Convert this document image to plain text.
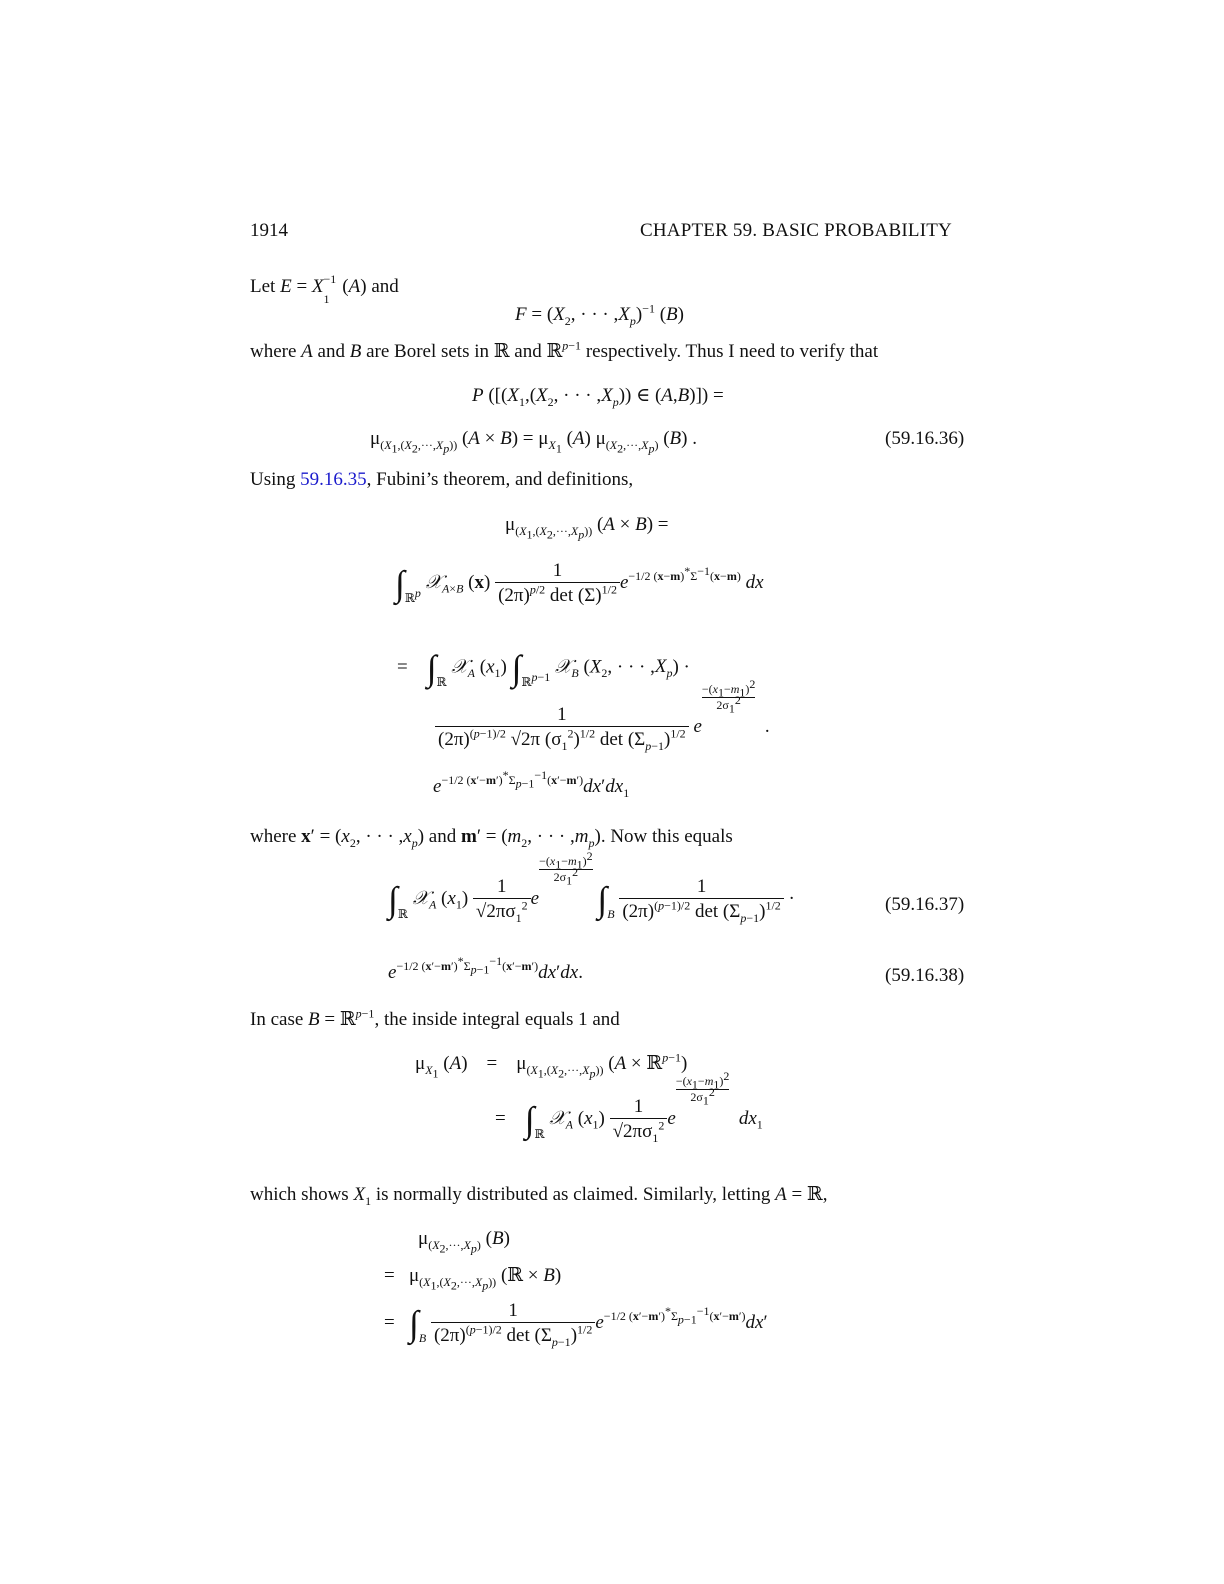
1914	CHAPTER 59. BASIC PROBABILITY
Let $E = X_1^{-1}$ (A) and
$F = (X_2$, · · · $,X_p)^{-1}$ (B)
where A and B are Borel sets in ℝ and ℝ$^{p-1}$ respectively. Thus I need to verify that
P ([($X_1,(X_2$, · · · $,X_p$)) ∈ (A,B)]) =
$\mu_{(X_1,(X_2,\cdot\cdot\cdot,X_p))}$ $(A \times B) = \mu_{X_1}$ (A) $\mu_{(X_2,\cdot\cdot\cdot,X_p)}$ (B) .	(59.16.36)
Using 59.16.35, Fubini’s theorem, and definitions,
$\mu_{(X_1,(X_2,\cdot\cdot\cdot,X_p))}$ (A × B) =
$\int_{ℝ^p}$ 𝒳$_{A\times B}$ $(x) \frac{1}{(2\pi)^{p/2} \det (\Sigma)^{1/2}} e^{-1/2 (x-m)^*\Sigma^{-1}(x-m)}$ dx
=    $\int_ℝ$ 𝒳$_A$ $(x_1)$ $\int_{ℝ^{p-1}}$ 𝒳$_B$ ($X_2$, · · · $,X_p$) ·
$\frac{1}{(2\pi)^{(p-1)/2} √2\pi (\sigma_1^2)^{1/2} \det (\Sigma_{p-1})^{1/2}}$ e
$\frac{-(x_1-m_1)^2}{2\sigma_1^2}$
.
$e^{-1/2 (x'-m')^*\Sigma_{p-1}^{-1}(x'-m')}dx'dx_1$
where $x' = (x_2$, · · · $,x_p$) and $m' = (m_2$, · · · $,m_p$). Now this equals
$\int_ℝ$ 𝒳$_A$ $(x_1) \frac{1}{√2\pi\sigma_1^2}$ e
$\frac{-(x_1-m_1)^2}{2\sigma_1^2}$
$\int_B \frac{1}{(2\pi)^{(p-1)/2} \det (\Sigma_{p-1})^{1/2}}$ ·	(59.16.37)
$e^{-1/2 (x'-m')^*\Sigma_{p-1}^{-1}(x'-m')}dx'dx$.	(59.16.38)
In case B = ℝ$^{p-1}$, the inside integral equals 1 and
$\mu_{X_1}$ (A)    =    $\mu_{(X_1,(X_2,\cdot\cdot\cdot,X_p))}$ (A × ℝ$^{p-1}$)
=    $\int_ℝ$ 𝒳$_A$ $(x_1) \frac{1}{√2\pi\sigma_1^2}$ e
$\frac{-(x_1-m_1)^2}{2\sigma_1^2}$
$dx_1$
which shows $X_1$ is normally distributed as claimed. Similarly, letting A = ℝ,
$\mu_{(X_2,\cdot\cdot\cdot,X_p)}$ (B)
=   $\mu_{(X_1,(X_2,\cdot\cdot\cdot,X_p))}$ (ℝ × B)
=   $\int_B \frac{1}{(2\pi)^{(p-1)/2} \det (\Sigma_{p-1})^{1/2}} e^{-1/2 (x'-m')^*\Sigma_{p-1}^{-1}(x'-m')}dx'$
